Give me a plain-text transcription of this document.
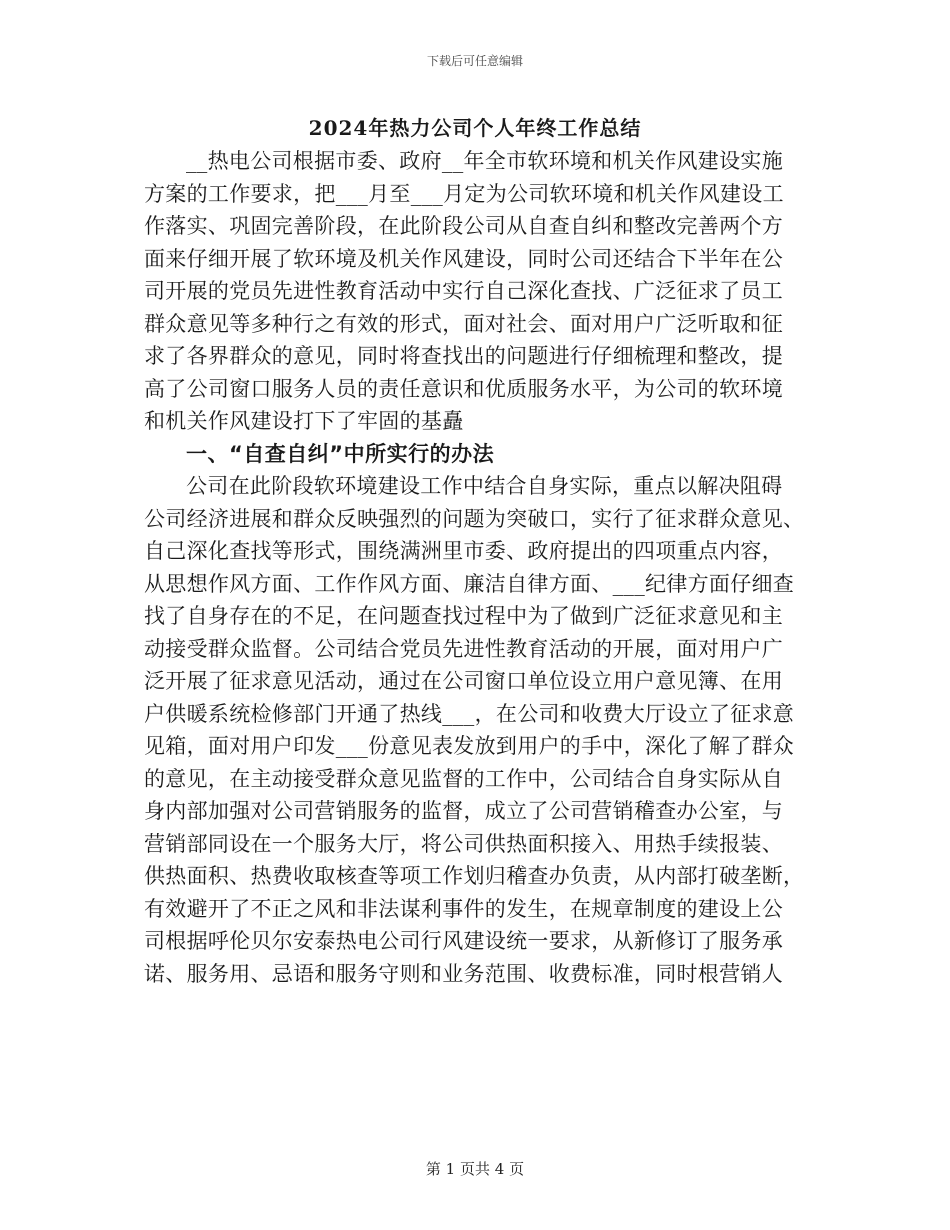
下载后可任意编辑
2024年热力公司个人年终工作总结

__热电公司根据市委、政府__年全市软环境和机关作风建设实施
方案的工作要求，把___月至___月定为公司软环境和机关作风建设工
作落实、巩固完善阶段，在此阶段公司从自查自纠和整改完善两个方
面来仔细开展了软环境及机关作风建设，同时公司还结合下半年在公
司开展的党员先进性教育活动中实行自己深化查找、广泛征求了员工
群众意见等多种行之有效的形式，面对社会、面对用户广泛听取和征
求了各界群众的意见，同时将查找出的问题进行仔细梳理和整改，提
高了公司窗口服务人员的责任意识和优质服务水平，为公司的软环境
和机关作风建设打下了牢固的基矗

一、“自查自纠”中所实行的办法

公司在此阶段软环境建设工作中结合自身实际，重点以解决阻碍
公司经济进展和群众反映强烈的问题为突破口，实行了征求群众意见、
自己深化查找等形式，围绕满洲里市委、政府提出的四项重点内容，
从思想作风方面、工作作风方面、廉洁自律方面、___纪律方面仔细查
找了自身存在的不足，在问题查找过程中为了做到广泛征求意见和主
动接受群众监督。公司结合党员先进性教育活动的开展，面对用户广
泛开展了征求意见活动，通过在公司窗口单位设立用户意见簿、在用
户供暖系统检修部门开通了热线___，在公司和收费大厅设立了征求意
见箱，面对用户印发___份意见表发放到用户的手中，深化了解了群众
的意见，在主动接受群众意见监督的工作中，公司结合自身实际从自
身内部加强对公司营销服务的监督，成立了公司营销稽查办公室，与
营销部同设在一个服务大厅，将公司供热面积接入、用热手续报装、
供热面积、热费收取核查等项工作划归稽查办负责，从内部打破垄断，
有效避开了不正之风和非法谋利事件的发生，在规章制度的建设上公
司根据呼伦贝尔安泰热电公司行风建设统一要求，从新修订了服务承
诺、服务用、忌语和服务守则和业务范围、收费标准，同时根营销人

第 1 页共 4 页
